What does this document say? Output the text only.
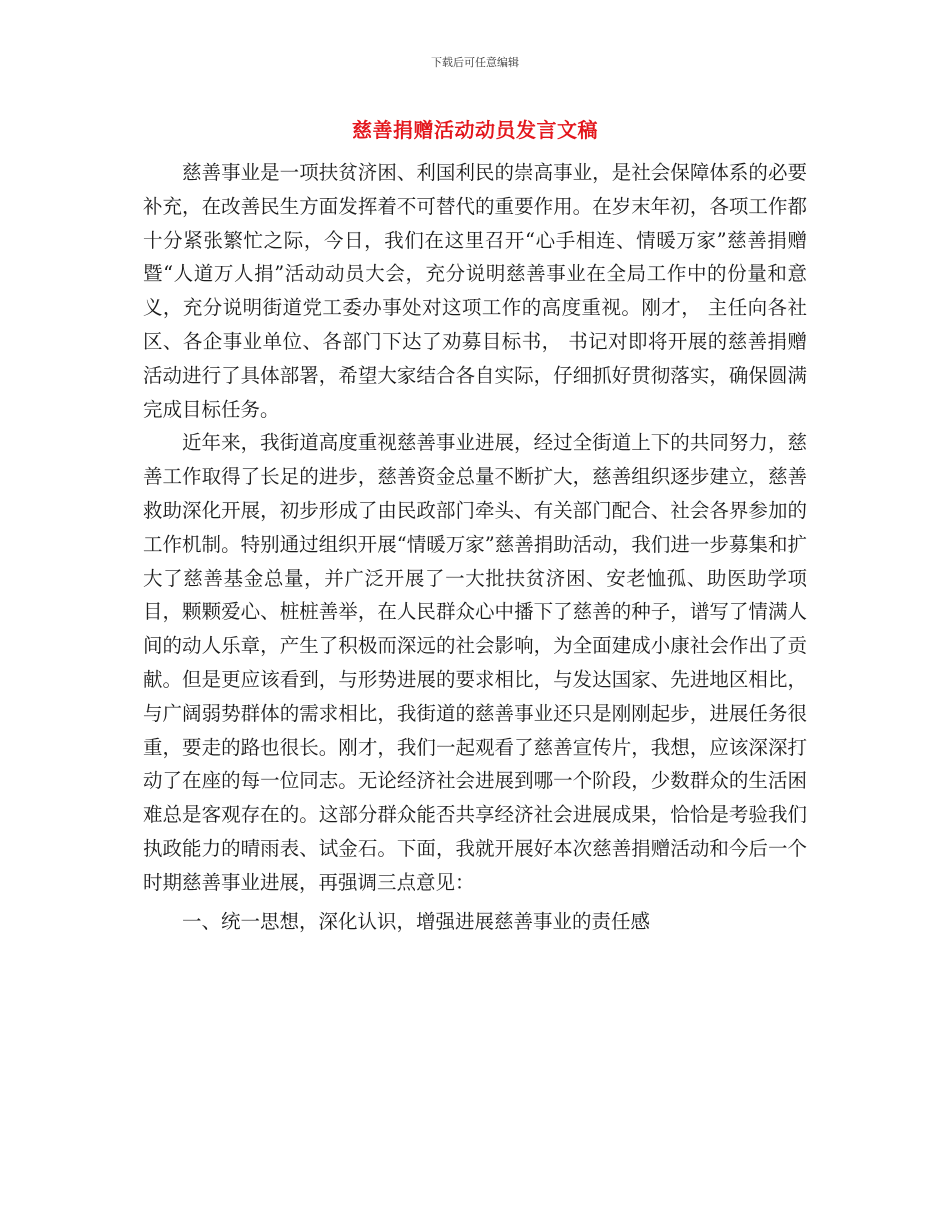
下载后可任意编辑
慈善捐赠活动动员发言文稿

慈善事业是一项扶贫济困、利国利民的崇高事业，是社会保障体系的必要补充，在改善民生方面发挥着不可替代的重要作用。在岁末年初，各项工作都十分紧张繁忙之际，今日，我们在这里召开“心手相连、情暖万家”慈善捐赠暨“人道万人捐”活动动员大会，充分说明慈善事业在全局工作中的份量和意义，充分说明街道党工委办事处对这项工作的高度重视。刚才， 主任向各社区、各企事业单位、各部门下达了劝募目标书， 书记对即将开展的慈善捐赠活动进行了具体部署，希望大家结合各自实际，仔细抓好贯彻落实，确保圆满完成目标任务。

近年来，我街道高度重视慈善事业进展，经过全街道上下的共同努力，慈善工作取得了长足的进步，慈善资金总量不断扩大，慈善组织逐步建立，慈善救助深化开展，初步形成了由民政部门牵头、有关部门配合、社会各界参加的工作机制。特别通过组织开展“情暖万家”慈善捐助活动，我们进一步募集和扩大了慈善基金总量，并广泛开展了一大批扶贫济困、安老恤孤、助医助学项目，颗颗爱心、桩桩善举，在人民群众心中播下了慈善的种子，谱写了情满人间的动人乐章，产生了积极而深远的社会影响，为全面建成小康社会作出了贡献。但是更应该看到，与形势进展的要求相比，与发达国家、先进地区相比，与广阔弱势群体的需求相比，我街道的慈善事业还只是刚刚起步，进展任务很重，要走的路也很长。刚才，我们一起观看了慈善宣传片，我想，应该深深打动了在座的每一位同志。无论经济社会进展到哪一个阶段，少数群众的生活困难总是客观存在的。这部分群众能否共享经济社会进展成果，恰恰是考验我们执政能力的晴雨表、试金石。下面，我就开展好本次慈善捐赠活动和今后一个时期慈善事业进展，再强调三点意见：

一、统一思想，深化认识，增强进展慈善事业的责任感
